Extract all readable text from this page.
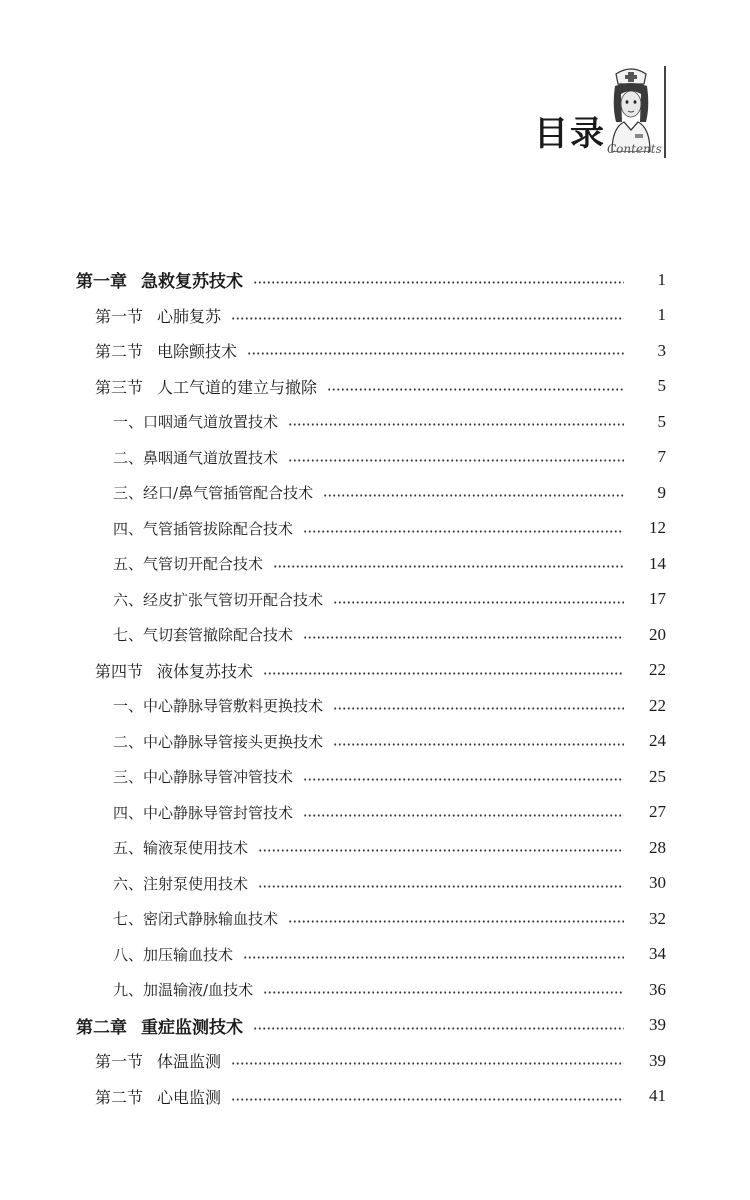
目录 Contents
第一章 急救复苏技术	1
第一节 心肺复苏	1
第二节 电除颤技术	3
第三节 人工气道的建立与撤除	5
一、口咽通气道放置技术	5
二、鼻咽通气道放置技术	7
三、经口/鼻气管插管配合技术	9
四、气管插管拔除配合技术	12
五、气管切开配合技术	14
六、经皮扩张气管切开配合技术	17
七、气切套管撤除配合技术	20
第四节 液体复苏技术	22
一、中心静脉导管敷料更换技术	22
二、中心静脉导管接头更换技术	24
三、中心静脉导管冲管技术	25
四、中心静脉导管封管技术	27
五、输液泵使用技术	28
六、注射泵使用技术	30
七、密闭式静脉输血技术	32
八、加压输血技术	34
九、加温输液/血技术	36
第二章 重症监测技术	39
第一节 体温监测	39
第二节 心电监测	41
